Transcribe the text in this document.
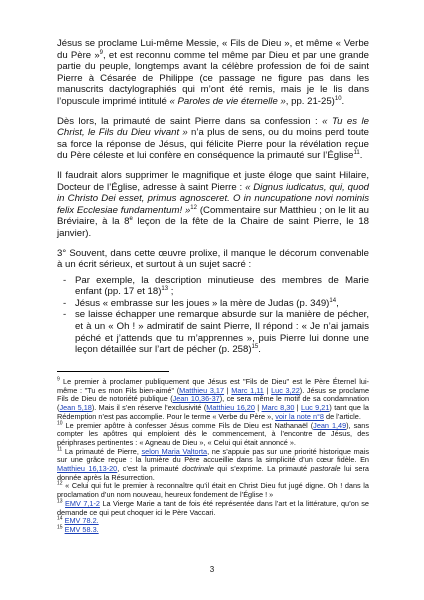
Jésus se proclame Lui-même Messie, « Fils de Dieu », et même « Verbe du Père »$^9$, et est reconnu comme tel même par Dieu et par une grande partie du peuple, longtemps avant la célèbre profession de foi de saint Pierre à Césarée de Philippe (ce passage ne figure pas dans les manuscrits dactylographiés qui m’ont été remis, mais je le lis dans l’opuscule imprimé intitulé « Paroles de vie éternelle », pp. 21-25)$^{10}$.

Dès lors, la primauté de saint Pierre dans sa confession : « Tu es le Christ, le Fils du Dieu vivant » n’a plus de sens, ou du moins perd toute sa force la réponse de Jésus, qui félicite Pierre pour la révélation reçue du Père céleste et lui confère en conséquence la primauté sur l’Église$^{11}$.

Il faudrait alors supprimer le magnifique et juste éloge que saint Hilaire, Docteur de l’Église, adresse à saint Pierre : « Dignus iudicatus, qui, quod in Christo Dei esset, primus agnosceret. O in nuncupatione novi nominis felix Ecclesiae fundamentum! »$^{12}$ (Commentaire sur Matthieu ; on le lit au Bréviaire, à la 8e leçon de la fête de la Chaire de saint Pierre, le 18 janvier).

3° Souvent, dans cette œuvre prolixe, il manque le décorum convenable à un écrit sérieux, et surtout à un sujet sacré :

- Par exemple, la description minutieuse des membres de Marie enfant (pp. 17 et 18)$^{13}$ ;
- Jésus « embrasse sur les joues » la mère de Judas (p. 349)$^{14}$,
- se laisse échapper une remarque absurde sur la manière de pécher, et à un « Oh ! » admiratif de saint Pierre, Il répond : « Je n’ai jamais péché et j’attends que tu m’apprennes », puis Pierre lui donne une leçon détaillée sur l’art de pécher (p. 258)$^{15}$.

$^9$ Le premier à proclamer publiquement que Jésus est "Fils de Dieu" est le Père Éternel lui-même : "Tu es mon Fils bien-aimé" (Matthieu 3,17 | Marc 1,11 | Luc 3,22). Jésus se proclame Fils de Dieu de notoriété publique (Jean 10,36-37), ce sera même le motif de sa condamnation (Jean 5,18). Mais il s’en réserve l’exclusivité (Matthieu 16,20 | Marc 8,30 | Luc 9,21) tant que la Rédemption n’est pas accomplie. Pour le terme « Verbe du Père », voir la note n°8 de l’article.

$^{10}$ Le premier apôtre à confesser Jésus comme Fils de Dieu est Nathanaël (Jean 1,49), sans compter les apôtres qui emploient dès le commencement, à l’encontre de Jésus, des périphrases pertinentes : « Agneau de Dieu », « Celui qui était annoncé ».

$^{11}$ La primauté de Pierre, selon Maria Valtorta, ne s’appuie pas sur une priorité historique mais sur une grâce reçue : la lumière du Père accueillie dans la simplicité d’un cœur fidèle. En Matthieu 16,13-20, c’est la primauté doctrinale qui s’exprime. La primauté pastorale lui sera donnée après la Résurrection.

$^{12}$ « Celui qui fut le premier à reconnaître qu’il était en Christ Dieu fut jugé digne. Oh ! dans la proclamation d’un nom nouveau, heureux fondement de l’Église ! »

$^{13}$ EMV 7,1-2 La Vierge Marie a tant de fois été représentée dans l’art et la littérature, qu’on se demande ce qui peut choquer ici le Père Vaccari.

$^{14}$ EMV 78.2.

$^{15}$ EMV 58.3.

3
